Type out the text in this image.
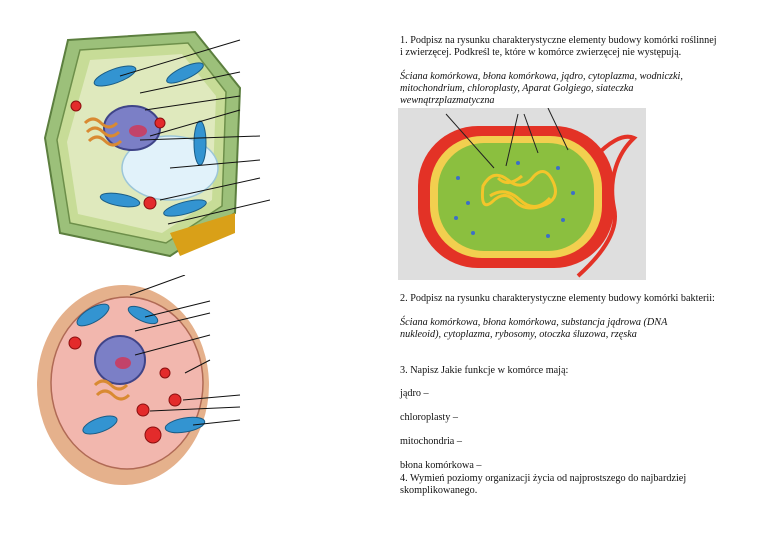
1. Podpisz na rysunku charakterystyczne elementy budowy komórki roślinnej i zwierzęcej. Podkreśl te, które w komórce zwierzęcej nie występują.
Ściana komórkowa, błona komórkowa, jądro, cytoplazma, wodniczki, mitochondrium, chloroplasty, Aparat Golgiego, siateczka wewnątrzplazmatyczna
2. Podpisz na rysunku charakterystyczne elementy budowy komórki bakterii:
Ściana komórkowa, błona komórkowa, substancja jądrowa (DNA nukleoid), cytoplazma, rybosomy, otoczka śluzowa, rzęska
3. Napisz Jakie funkcje w komórce mają:
jądro –
chloroplasty –
mitochondria –
błona komórkowa –
4. Wymień poziomy organizacji życia od najprostszego do najbardziej skomplikowanego.
